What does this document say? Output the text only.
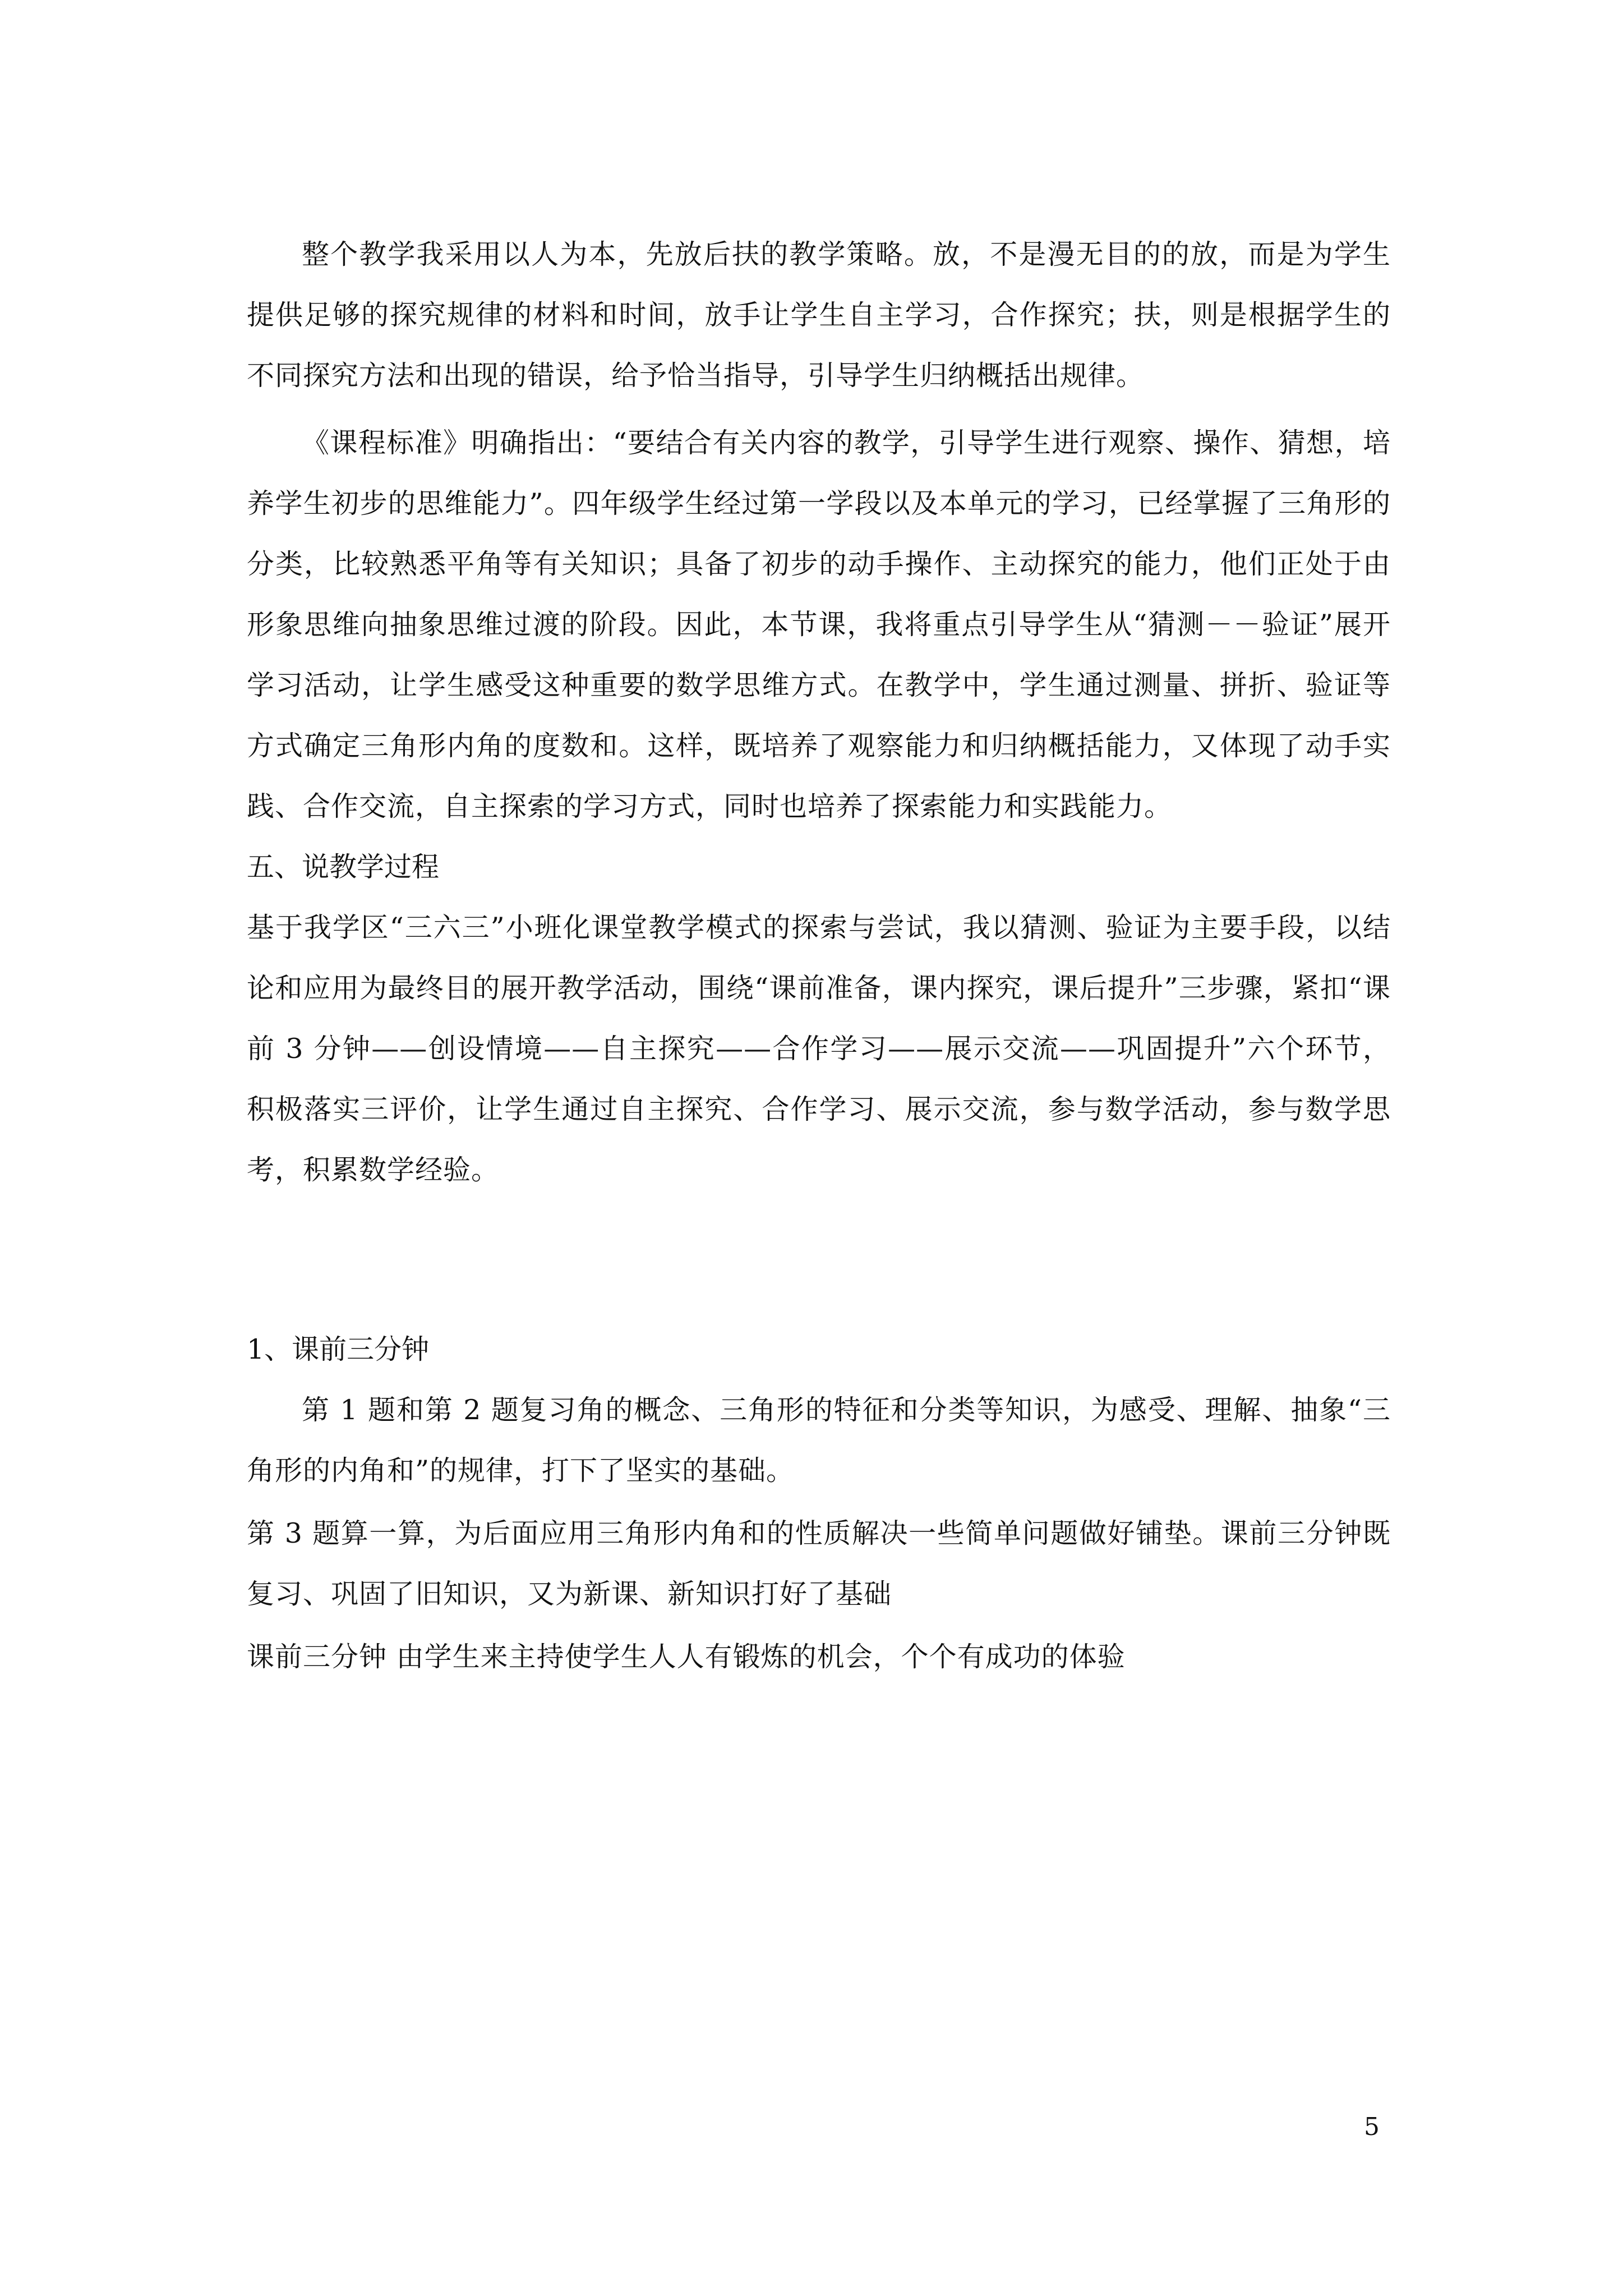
整个教学我采用以人为本，先放后扶的教学策略。放，不是漫无目的的放，而是为学生提供足够的探究规律的材料和时间，放手让学生自主学习，合作探究；扶，则是根据学生的不同探究方法和出现的错误，给予恰当指导，引导学生归纳概括出规律。

《课程标准》明确指出：“要结合有关内容的教学，引导学生进行观察、操作、猜想，培养学生初步的思维能力”。四年级学生经过第一学段以及本单元的学习，已经掌握了三角形的分类，比较熟悉平角等有关知识；具备了初步的动手操作、主动探究的能力，他们正处于由形象思维向抽象思维过渡的阶段。因此，本节课，我将重点引导学生从“猜测－－验证”展开学习活动，让学生感受这种重要的数学思维方式。在教学中，学生通过测量、拼折、验证等方式确定三角形内角的度数和。这样，既培养了观察能力和归纳概括能力，又体现了动手实践、合作交流，自主探索的学习方式，同时也培养了探索能力和实践能力。

五、说教学过程

基于我学区“三六三”小班化课堂教学模式的探索与尝试，我以猜测、验证为主要手段，以结论和应用为最终目的展开教学活动，围绕“课前准备，课内探究，课后提升”三步骤，紧扣“课前 3 分钟——创设情境——自主探究——合作学习——展示交流——巩固提升”六个环节，积极落实三评价，让学生通过自主探究、合作学习、展示交流，参与数学活动，参与数学思考，积累数学经验。

1、课前三分钟

第 1 题和第 2 题复习角的概念、三角形的特征和分类等知识，为感受、理解、抽象“三角形的内角和”的规律，打下了坚实的基础。

第 3 题算一算，为后面应用三角形内角和的性质解决一些简单问题做好铺垫。课前三分钟既复习、巩固了旧知识，又为新课、新知识打好了基础

课前三分钟 由学生来主持使学生人人有锻炼的机会，个个有成功的体验

5
